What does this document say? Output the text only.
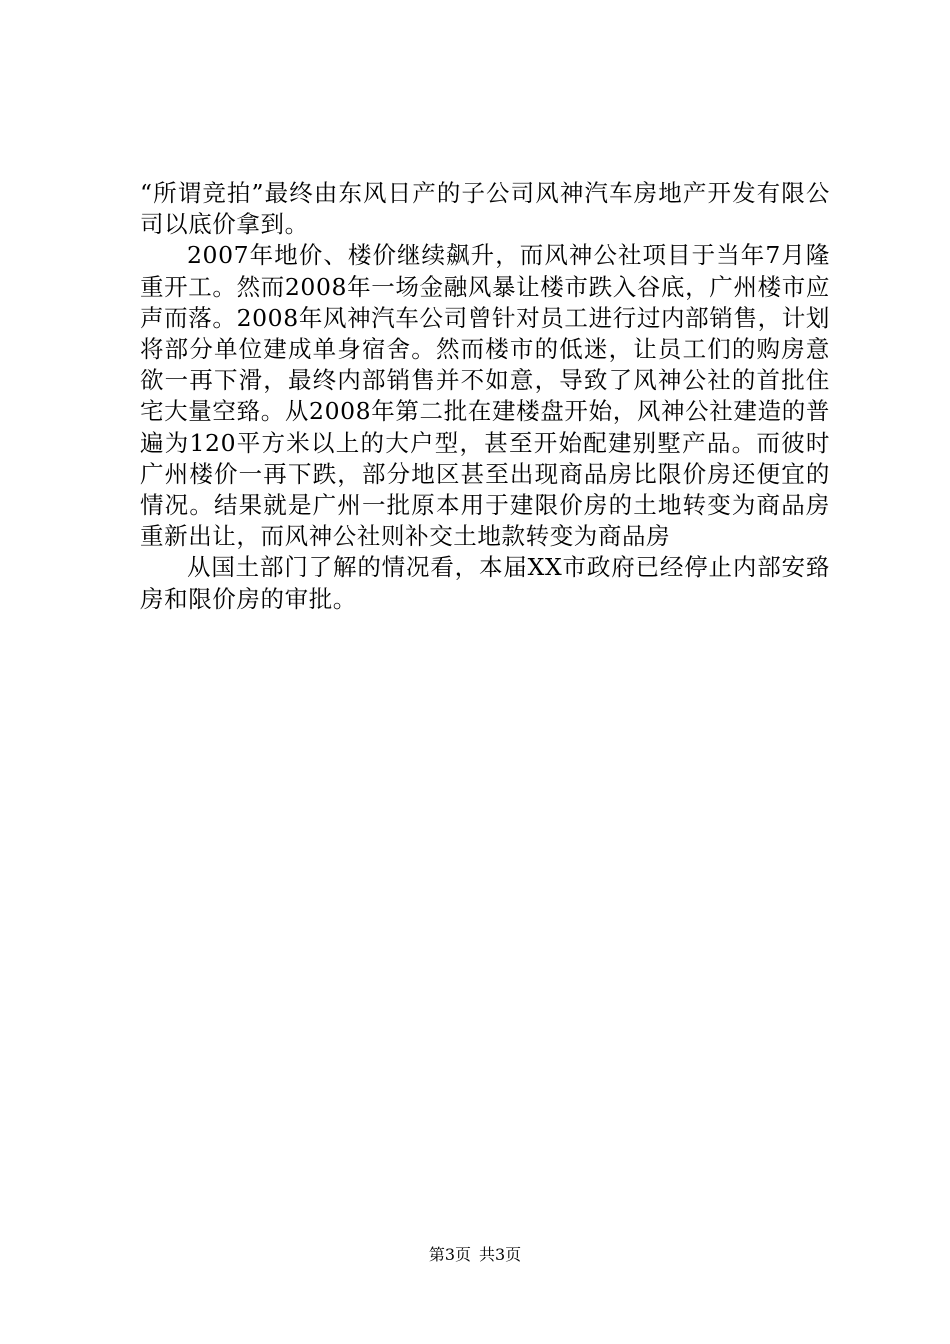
“所谓竞拍”最终由东风日产的子公司风神汽车房地产开发有限公司以底价拿到。

2007年地价、楼价继续飙升，而风神公社项目于当年7月隆重开工。然而2008年一场金融风暴让楼市跌入谷底，广州楼市应声而落。2008年风神汽车公司曾针对员工进行过内部销售，计划将部分单位建成单身宿舍。然而楼市的低迷，让员工们的购房意欲一再下滑，最终内部销售并不如意，导致了风神公社的首批住宅大量空臵。从2008年第二批在建楼盘开始，风神公社建造的普遍为120平方米以上的大户型，甚至开始配建别墅产品。而彼时广州楼价一再下跌，部分地区甚至出现商品房比限价房还便宜的情况。结果就是广州一批原本用于建限价房的土地转变为商品房重新出让，而风神公社则补交土地款转变为商品房

从国土部门了解的情况看，本届XX市政府已经停止内部安臵房和限价房的审批。

第3页 共3页
